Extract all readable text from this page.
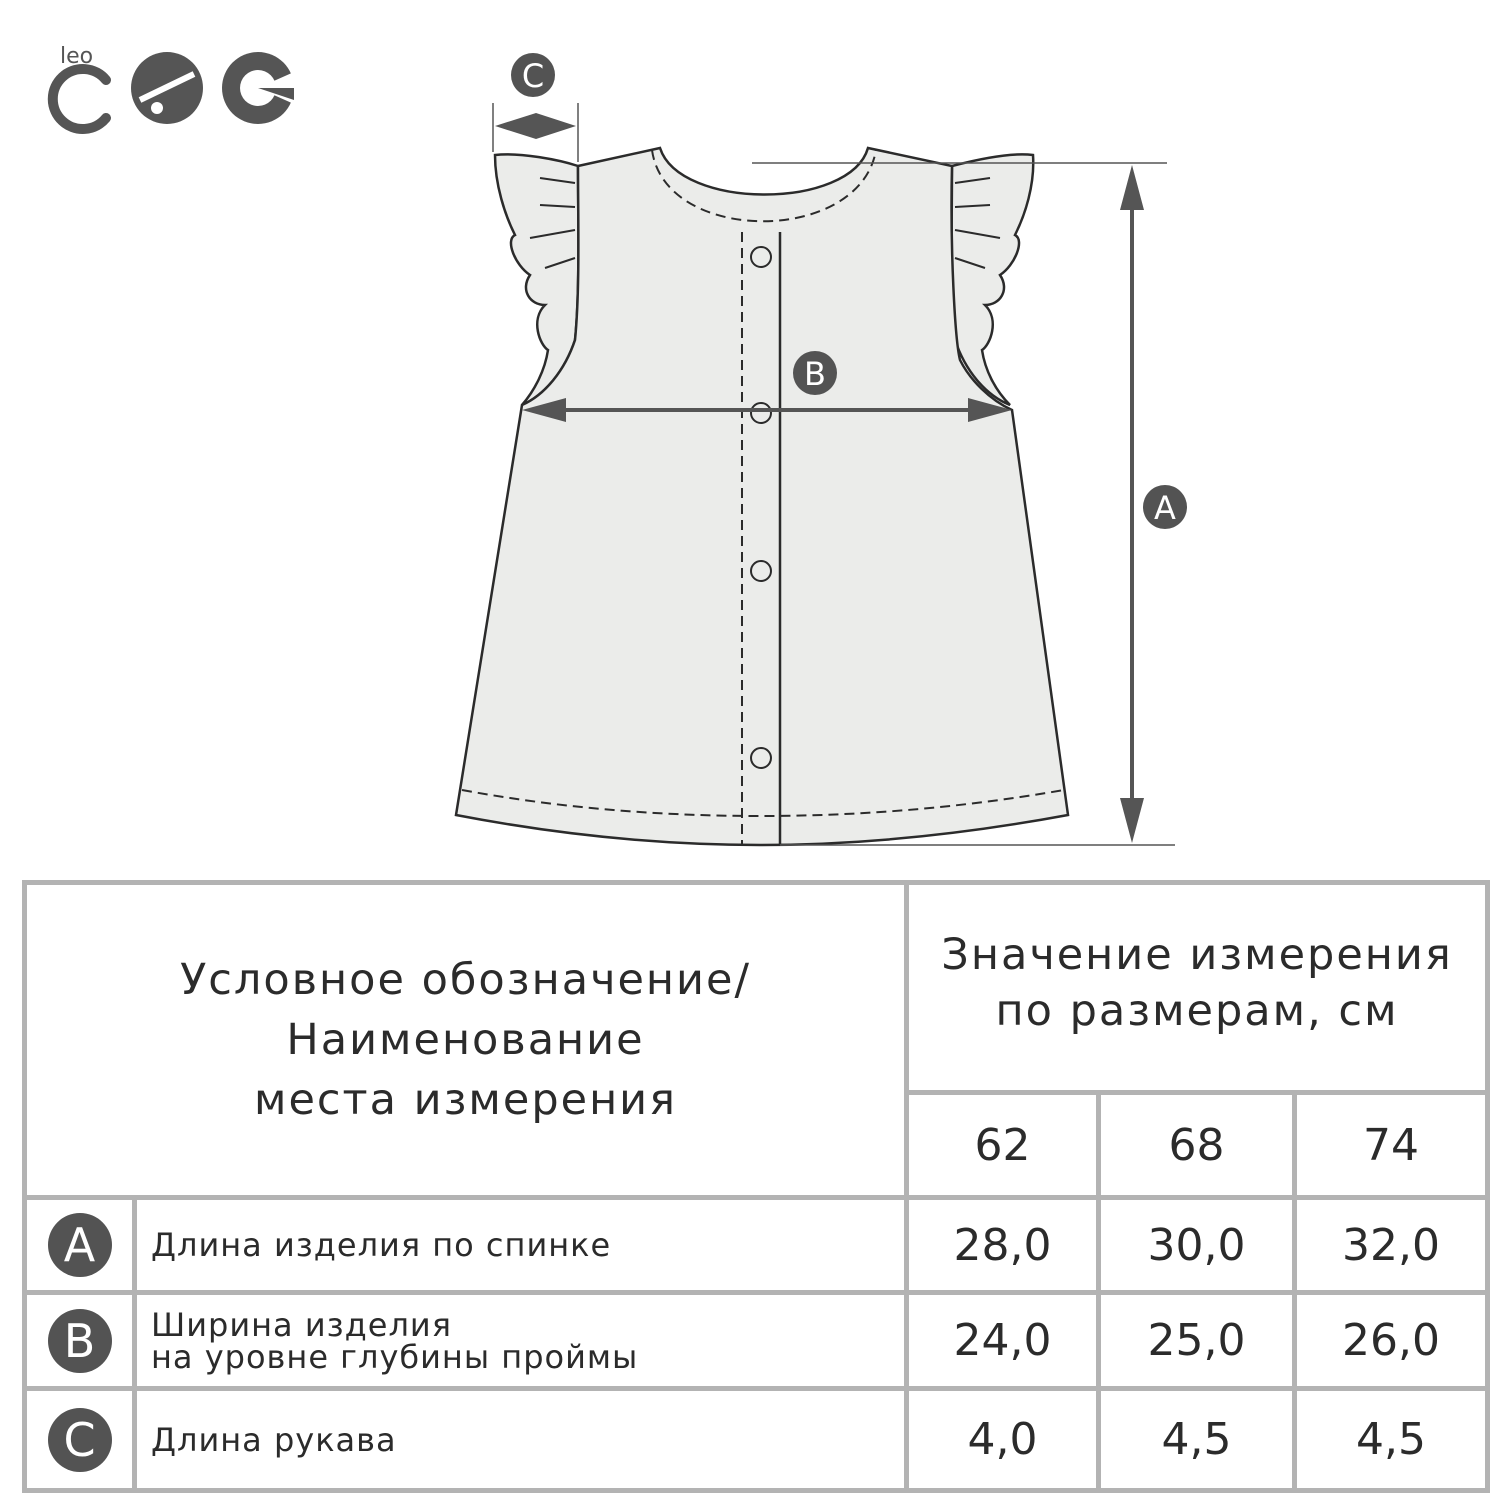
leo
A
B
C
Условное обозначение/
Наименование
места измерения		Значение измерения
по размерам, см		

		62	68	74
A	Длина изделия по спинке	28,0	30,0	32,0
B	Ширина изделия
на уровне глубины проймы	24,0	25,0	26,0
C	Длина рукава	4,0	4,5	4,5
